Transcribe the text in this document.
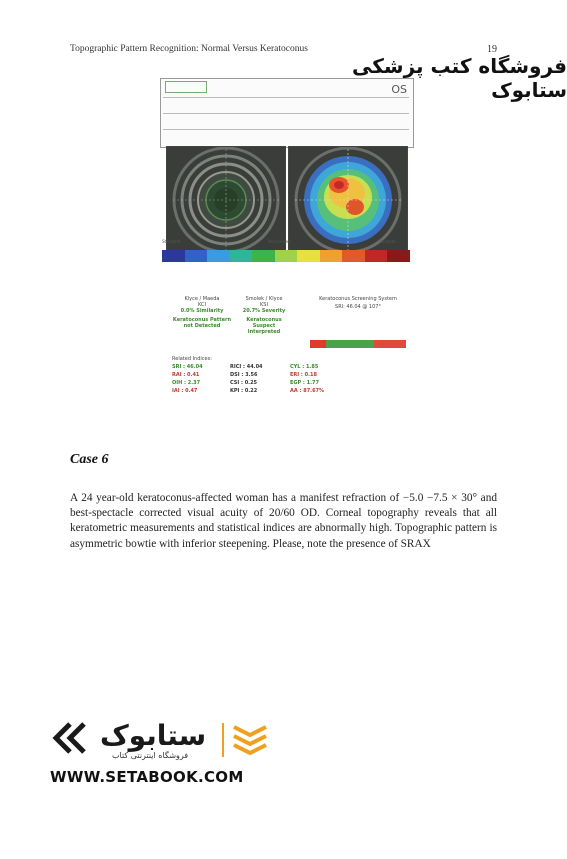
Topographic Pattern Recognition: Normal Versus Keratoconus	19
فروشگاه کتب پزشکی ستابوک
OS
Standard	Normalized	Diabetic
Klyce / Maeda
KCI
0.0% Similarity
Keratoconus Pattern not Detected
Smolek / Klyce
KSI
20.7% Severity
Keratoconus Suspect Interpreted
Keratoconus Screening System
SRI: 46.04 @ 107°
Related Indices:
SRI : 46.04	RICI : 44.04	CYL : 1.85
RAI : 0.41	DSI : 3.56	ERI : 0.18
OIH : 2.37	CSI : 0.25	EGP : 1.77
IAI : 0.47	KPI : 0.22	AA : 87.67%
Case 6
A 24 year-old keratoconus-affected woman has a manifest refraction of −5.0 −7.5 × 30° and best-spectacle corrected visual acuity of 20/60 OD. Corneal topography reveals that all keratometric measurements and statistical indices are abnormally high. Topographic pattern is asymmetric bowtie with inferior steepening. Please, note the presence of SRAX
ستابوک
فروشگاه اینترنتی کتاب
WWW.SETABOOK.COM
